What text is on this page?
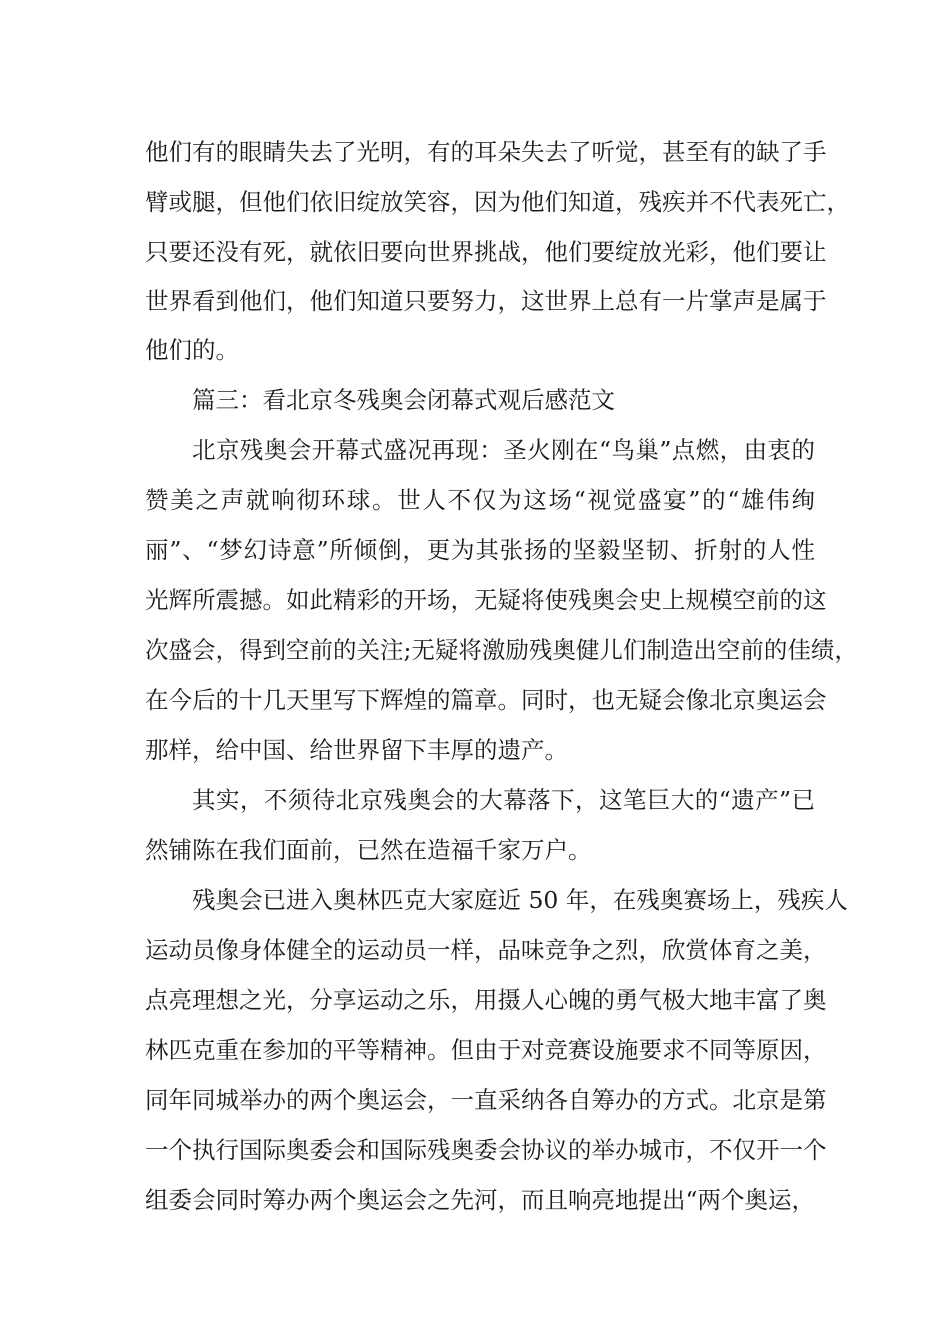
他们有的眼睛失去了光明，有的耳朵失去了听觉，甚至有的缺了手
臂或腿，但他们依旧绽放笑容，因为他们知道，残疾并不代表死亡，
只要还没有死，就依旧要向世界挑战，他们要绽放光彩，他们要让
世界看到他们，他们知道只要努力，这世界上总有一片掌声是属于
他们的。
篇三：看北京冬残奥会闭幕式观后感范文
北京残奥会开幕式盛况再现：圣火刚在“鸟巢”点燃，由衷的
赞美之声就响彻环球。世人不仅为这场“视觉盛宴”的“雄伟绚
丽”、“梦幻诗意”所倾倒，更为其张扬的坚毅坚韧、折射的人性
光辉所震撼。如此精彩的开场，无疑将使残奥会史上规模空前的这
次盛会，得到空前的关注;无疑将激励残奥健儿们制造出空前的佳绩，
在今后的十几天里写下辉煌的篇章。同时，也无疑会像北京奥运会
那样，给中国、给世界留下丰厚的遗产。
其实，不须待北京残奥会的大幕落下，这笔巨大的“遗产”已
然铺陈在我们面前，已然在造福千家万户。
残奥会已进入奥林匹克大家庭近 50 年，在残奥赛场上，残疾人
运动员像身体健全的运动员一样，品味竞争之烈，欣赏体育之美，
点亮理想之光，分享运动之乐，用摄人心魄的勇气极大地丰富了奥
林匹克重在参加的平等精神。但由于对竞赛设施要求不同等原因，
同年同城举办的两个奥运会，一直采纳各自筹办的方式。北京是第
一个执行国际奥委会和国际残奥委会协议的举办城市，不仅开一个
组委会同时筹办两个奥运会之先河，而且响亮地提出“两个奥运，
